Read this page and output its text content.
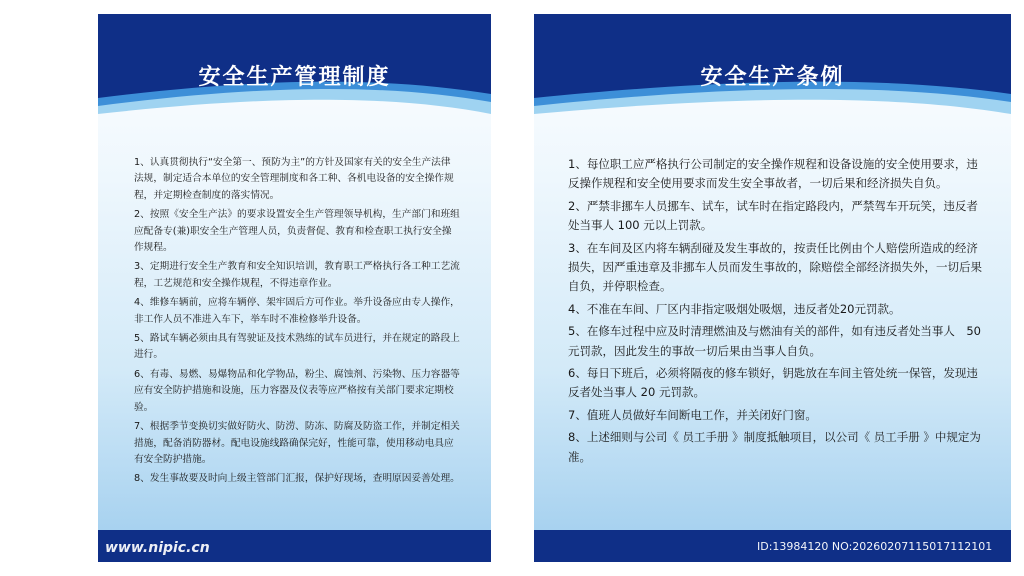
安全生产管理制度
1、认真贯彻执行“安全第一、预防为主”的方针及国家有关的安全生产法律法规，制定适合本单位的安全管理制度和各工种、各机电设备的安全操作规程，并定期检查制度的落实情况。
2、按照《安全生产法》的要求设置安全生产管理领导机构，生产部门和班组应配备专(兼)职安全生产管理人员，负责督促、教育和检查职工执行安全操作规程。
3、定期进行安全生产教育和安全知识培训，教育职工严格执行各工种工艺流程，工艺规范和安全操作规程，不得违章作业。
4、维修车辆前，应将车辆停、架牢固后方可作业。举升设备应由专人操作，非工作人员不准进入车下，举车时不准检修举升设备。
5、路试车辆必须由具有驾驶证及技术熟练的试车员进行，并在规定的路段上进行。
6、有毒、易燃、易爆物品和化学物品，粉尘、腐蚀剂、污染物、压力容器等应有安全防护措施和设施，压力容器及仪表等应严格按有关部门要求定期校验。
7、根据季节变换切实做好防火、防涝、防冻、防腐及防盗工作，并制定相关措施，配备消防器材。配电设施线路确保完好，性能可靠，使用移动电具应有安全防护措施。
8、发生事故要及时向上级主管部门汇报，保护好现场，查明原因妥善处理。
安全生产条例
1、每位职工应严格执行公司制定的安全操作规程和设备设施的安全使用要求，违反操作规程和安全使用要求而发生安全事故者，一切后果和经济损失自负。
2、严禁非挪车人员挪车、试车，试车时在指定路段内，严禁驾车开玩笑，违反者处当事人 100 元以上罚款。
3、在车间及区内将车辆刮碰及发生事故的，按责任比例由个人赔偿所造成的经济损失，因严重违章及非挪车人员而发生事故的，除赔偿全部经济损失外，一切后果自负，并停职检查。
4、不准在车间、厂区内非指定吸烟处吸烟，违反者处20元罚款。
5、在修车过程中应及时清理燃油及与燃油有关的部件，如有违反者处当事人　50　元罚款，因此发生的事故一切后果由当事人自负。
6、每日下班后，必须将隔夜的修车锁好，钥匙放在车间主管处统一保管，发现违反者处当事人 20 元罚款。
7、值班人员做好车间断电工作，并关闭好门窗。
8、上述细则与公司《 员工手册 》制度抵触项目，以公司《 员工手册 》中规定为准。
昵享网	www.nipic.cn	ID:13984120 NO:20260207115017112101
